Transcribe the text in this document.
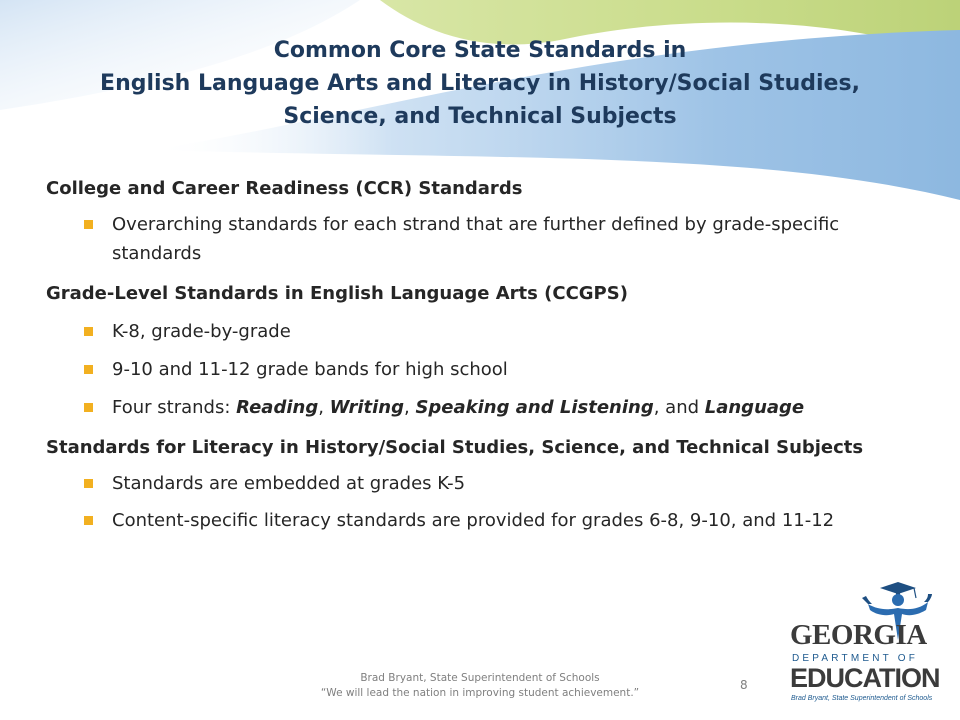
Common Core State Standards in
English Language Arts and Literacy in History/Social Studies,
Science, and Technical Subjects

College and Career Readiness (CCR) Standards

Overarching standards for each strand that are further defined by grade-specific standards

Grade-Level Standards in English Language Arts (CCGPS)

K-8, grade-by-grade
9-10 and 11-12 grade bands for high school
Four strands: Reading, Writing, Speaking and Listening, and Language

Standards for Literacy in History/Social Studies, Science, and Technical Subjects

Standards are embedded at grades K-5
Content-specific literacy standards are provided for grades 6-8, 9-10, and 11-12
Brad Bryant, State Superintendent of Schools
“We will lead the nation in improving student achievement.”
8
GEORGIA
DEPARTMENT OF
EDUCATION
Brad Bryant, State Superintendent of Schools
